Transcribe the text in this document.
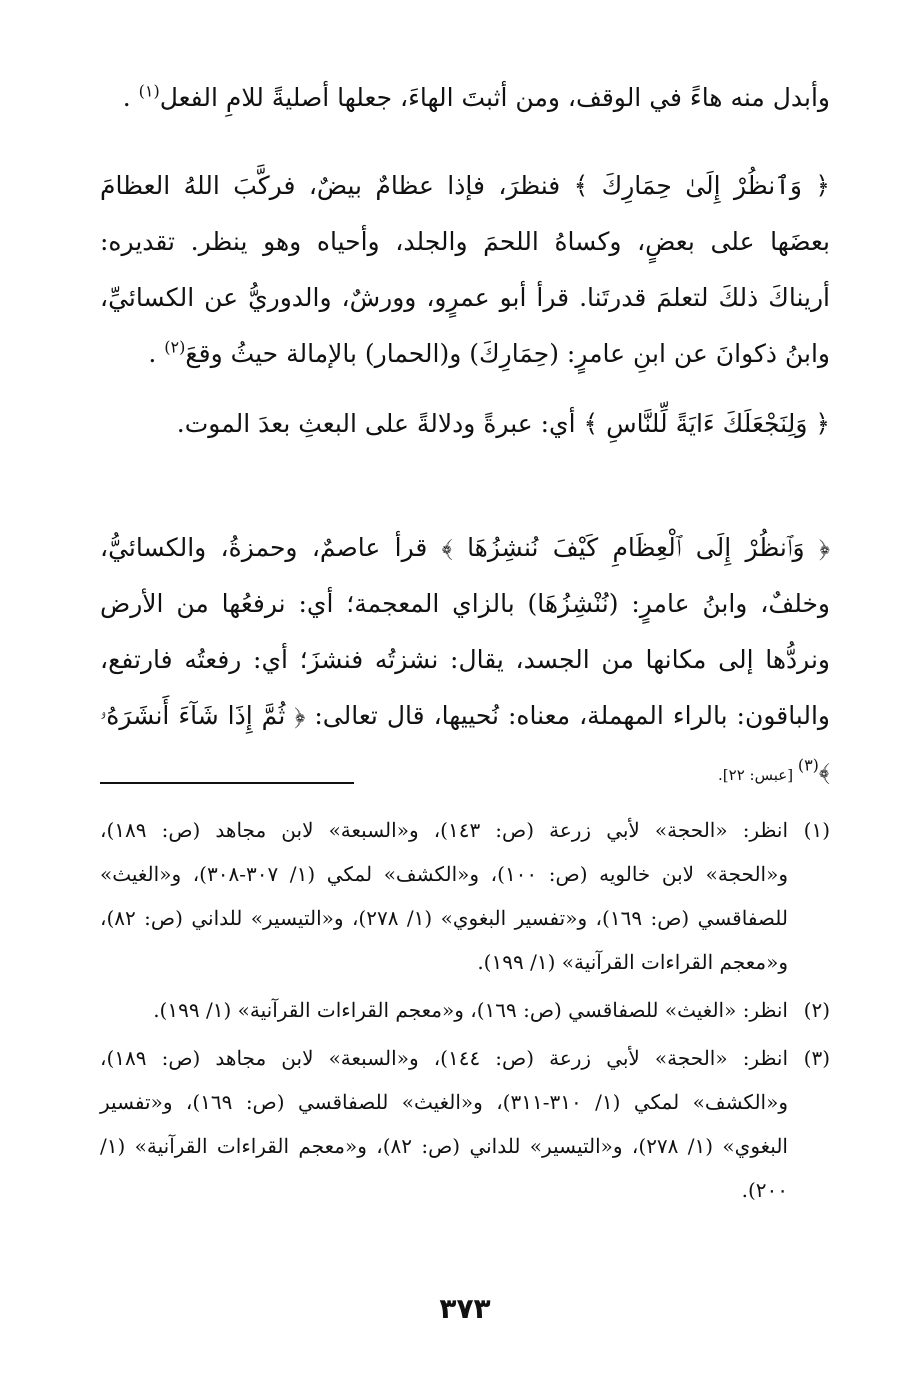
وأبدل منه هاءً في الوقف، ومن أثبتَ الهاءَ، جعلها أصليةً للامِ الفعل$^{(١)}$ .

﴿ وَٱنظُرْ إِلَىٰ حِمَارِكَ ﴾ فنظرَ، فإذا عظامٌ بيضٌ، فركَّبَ اللهُ العظامَ بعضَها على بعضٍ، وكساهُ اللحمَ والجلد، وأحياه وهو ينظر. تقديره: أريناكَ ذلكَ لتعلمَ قدرتَنا. قرأ أبو عمرٍو، وورشٌ، والدوريُّ عن الكسائيِّ، وابنُ ذكوانَ عن ابنِ عامرٍ: (حِمَارِكَ) و(الحمار) بالإمالة حيثُ وقعَ$^{(٢)}$ .

﴿ وَلِنَجْعَلَكَ ءَايَةً لِّلنَّاسِ ﴾ أي: عبرةً ودلالةً على البعثِ بعدَ الموت.

﴿ وَٱنظُرْ إِلَى ٱلْعِظَامِ كَيْفَ نُنشِزُهَا ﴾ قرأ عاصمٌ، وحمزةُ، والكسائيُّ، وخلفٌ، وابنُ عامرٍ: (نُنْشِزُهَا) بالزاي المعجمة؛ أي: نرفعُها من الأرض ونردُّها إلى مكانها من الجسد، يقال: نشزتُه فنشزَ؛ أي: رفعتُه فارتفع، والباقون: بالراء المهملة، معناه: نُحييها، قال تعالى: ﴿ ثُمَّ إِذَا شَآءَ أَنشَرَهُۥ ﴾$^{(٣)}$ [عبس: ٢٢].

(١)
انظر: «الحجة» لأبي زرعة (ص: ١٤٣)، و«السبعة» لابن مجاهد (ص: ١٨٩)، و«الحجة» لابن خالويه (ص: ١٠٠)، و«الكشف» لمكي (١/ ٣٠٧-٣٠٨)، و«الغيث» للصفاقسي (ص: ١٦٩)، و«تفسير البغوي» (١/ ٢٧٨)، و«التيسير» للداني (ص: ٨٢)، و«معجم القراءات القرآنية» (١/ ١٩٩).
(٢)
انظر: «الغيث» للصفاقسي (ص: ١٦٩)، و«معجم القراءات القرآنية» (١/ ١٩٩).
(٣)
انظر: «الحجة» لأبي زرعة (ص: ١٤٤)، و«السبعة» لابن مجاهد (ص: ١٨٩)، و«الكشف» لمكي (١/ ٣١٠-٣١١)، و«الغيث» للصفاقسي (ص: ١٦٩)، و«تفسير البغوي» (١/ ٢٧٨)، و«التيسير» للداني (ص: ٨٢)، و«معجم القراءات القرآنية» (١/ ٢٠٠).
٣٧٣
